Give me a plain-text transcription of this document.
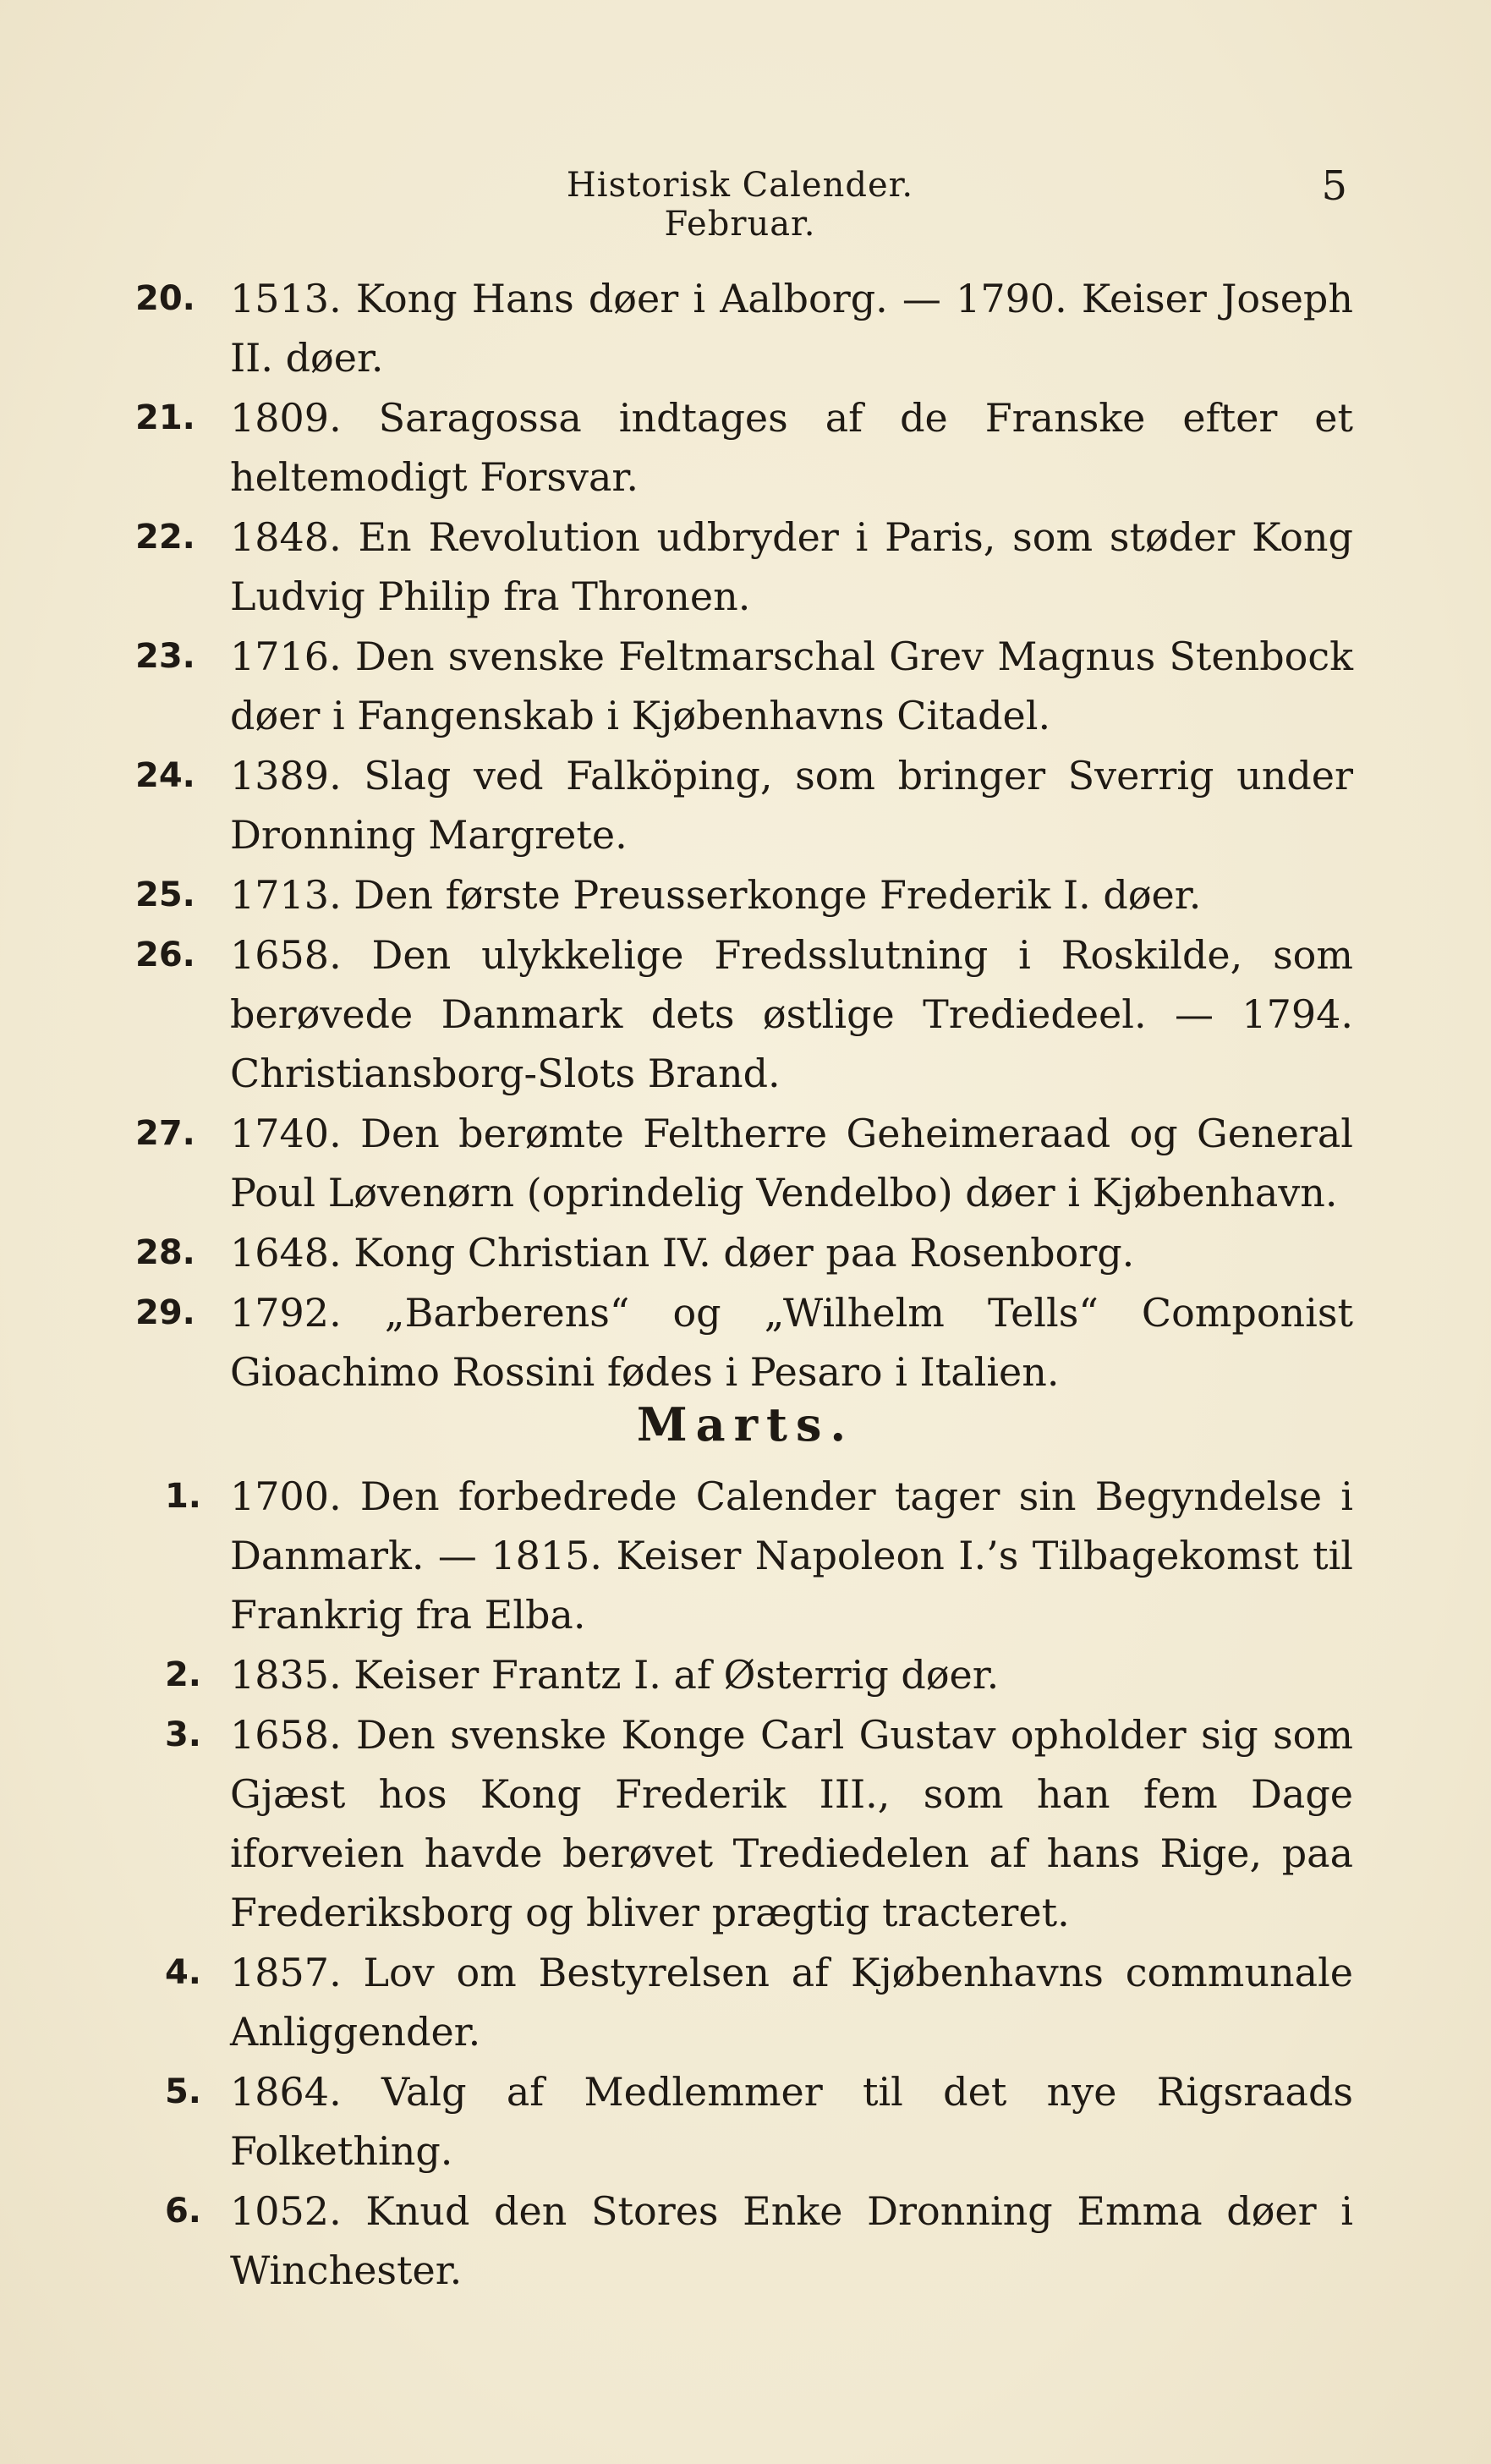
Historisk Calender. Februar.
5
20. 1513. Kong Hans døer i Aalborg. — 1790. Keiser Joseph II. døer.
21. 1809. Saragossa indtages af de Franske efter et heltemodigt Forsvar.
22. 1848. En Revolution udbryder i Paris, som støder Kong Ludvig Philip fra Thronen.
23. 1716. Den svenske Feltmarschal Grev Magnus Stenbock døer i Fangenskab i Kjøbenhavns Citadel.
24. 1389. Slag ved Falköping, som bringer Sverrig under Dronning Margrete.
25. 1713. Den første Preusserkonge Frederik I. døer.
26. 1658. Den ulykkelige Fredsslutning i Roskilde, som berøvede Danmark dets østlige Trediedeel. — 1794. Christiansborg-Slots Brand.
27. 1740. Den berømte Feltherre Geheimeraad og General Poul Løvenørn (oprindelig Vendelbo) døer i Kjøbenhavn.
28. 1648. Kong Christian IV. døer paa Rosenborg.
29. 1792. „Barberens“ og „Wilhelm Tells“ Componist Gioachimo Rossini fødes i Pesaro i Italien.
Marts.
1. 1700. Den forbedrede Calender tager sin Begyndelse i Danmark. — 1815. Keiser Napoleon I.’s Tilbagekomst til Frankrig fra Elba.
2. 1835. Keiser Frantz I. af Østerrig døer.
3. 1658. Den svenske Konge Carl Gustav opholder sig som Gjæst hos Kong Frederik III., som han fem Dage iforveien havde berøvet Trediedelen af hans Rige, paa Frederiksborg og bliver prægtig tracteret.
4. 1857. Lov om Bestyrelsen af Kjøbenhavns communale Anliggender.
5. 1864. Valg af Medlemmer til det nye Rigsraads Folkething.
6. 1052. Knud den Stores Enke Dronning Emma døer i Winchester.
